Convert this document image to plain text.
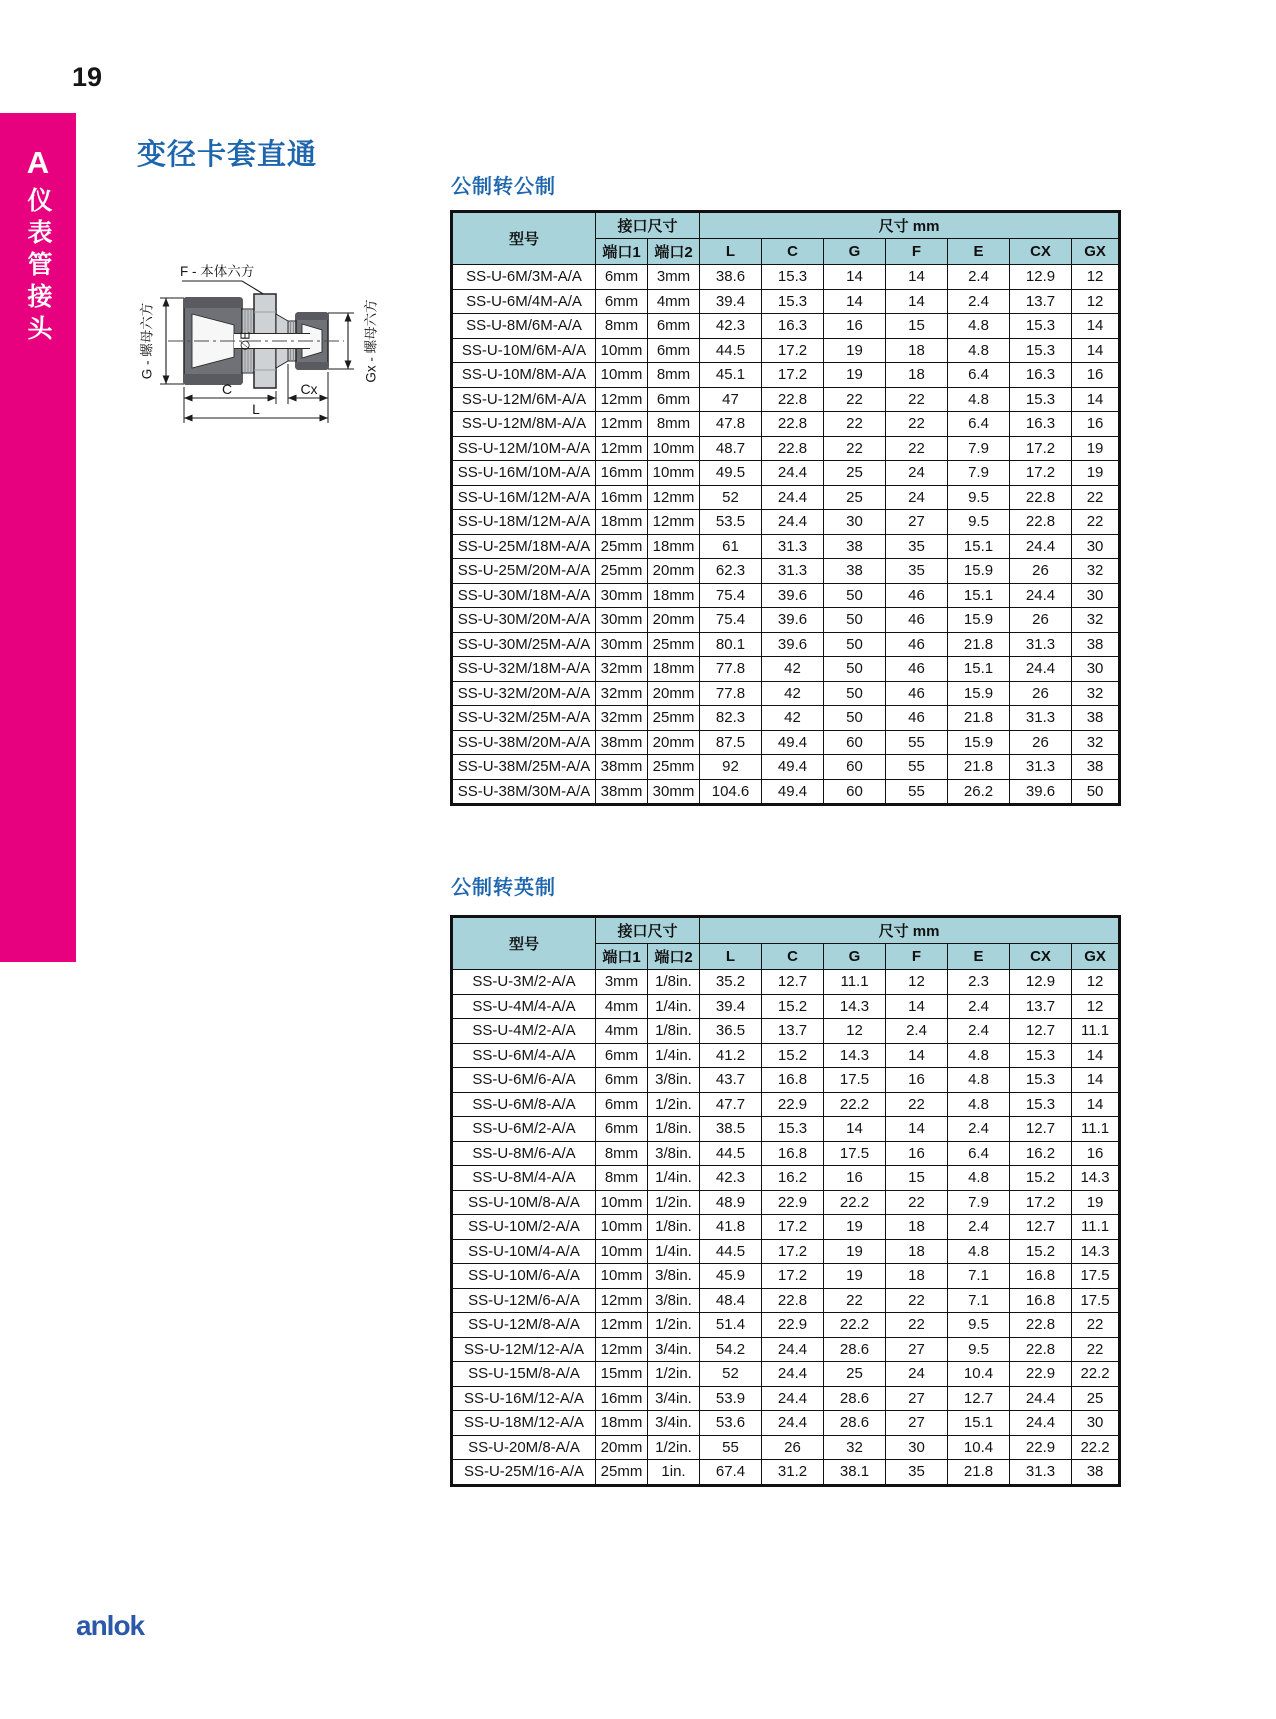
19
A
仪表管接头
变径卡套直通
F - 本体六方
∅E
G - 螺母六方	Gx - 螺母六方
C	Cx
L
公制转公制
型号	接口尺寸		尺寸 mm						
	端口1	端口2	L	C	G	F	E	CX	GX
SS-U-6M/3M-A/A	6mm	3mm	38.6	15.3	14	14	2.4	12.9	12
SS-U-6M/4M-A/A	6mm	4mm	39.4	15.3	14	14	2.4	13.7	12
SS-U-8M/6M-A/A	8mm	6mm	42.3	16.3	16	15	4.8	15.3	14
SS-U-10M/6M-A/A	10mm	6mm	44.5	17.2	19	18	4.8	15.3	14
SS-U-10M/8M-A/A	10mm	8mm	45.1	17.2	19	18	6.4	16.3	16
SS-U-12M/6M-A/A	12mm	6mm	47	22.8	22	22	4.8	15.3	14
SS-U-12M/8M-A/A	12mm	8mm	47.8	22.8	22	22	6.4	16.3	16
SS-U-12M/10M-A/A	12mm	10mm	48.7	22.8	22	22	7.9	17.2	19
SS-U-16M/10M-A/A	16mm	10mm	49.5	24.4	25	24	7.9	17.2	19
SS-U-16M/12M-A/A	16mm	12mm	52	24.4	25	24	9.5	22.8	22
SS-U-18M/12M-A/A	18mm	12mm	53.5	24.4	30	27	9.5	22.8	22
SS-U-25M/18M-A/A	25mm	18mm	61	31.3	38	35	15.1	24.4	30
SS-U-25M/20M-A/A	25mm	20mm	62.3	31.3	38	35	15.9	26	32
SS-U-30M/18M-A/A	30mm	18mm	75.4	39.6	50	46	15.1	24.4	30
SS-U-30M/20M-A/A	30mm	20mm	75.4	39.6	50	46	15.9	26	32
SS-U-30M/25M-A/A	30mm	25mm	80.1	39.6	50	46	21.8	31.3	38
SS-U-32M/18M-A/A	32mm	18mm	77.8	42	50	46	15.1	24.4	30
SS-U-32M/20M-A/A	32mm	20mm	77.8	42	50	46	15.9	26	32
SS-U-32M/25M-A/A	32mm	25mm	82.3	42	50	46	21.8	31.3	38
SS-U-38M/20M-A/A	38mm	20mm	87.5	49.4	60	55	15.9	26	32
SS-U-38M/25M-A/A	38mm	25mm	92	49.4	60	55	21.8	31.3	38
SS-U-38M/30M-A/A	38mm	30mm	104.6	49.4	60	55	26.2	39.6	50
公制转英制
型号	接口尺寸		尺寸 mm						
	端口1	端口2	L	C	G	F	E	CX	GX
SS-U-3M/2-A/A	3mm	1/8in.	35.2	12.7	11.1	12	2.3	12.9	12
SS-U-4M/4-A/A	4mm	1/4in.	39.4	15.2	14.3	14	2.4	13.7	12
SS-U-4M/2-A/A	4mm	1/8in.	36.5	13.7	12	2.4	2.4	12.7	11.1
SS-U-6M/4-A/A	6mm	1/4in.	41.2	15.2	14.3	14	4.8	15.3	14
SS-U-6M/6-A/A	6mm	3/8in.	43.7	16.8	17.5	16	4.8	15.3	14
SS-U-6M/8-A/A	6mm	1/2in.	47.7	22.9	22.2	22	4.8	15.3	14
SS-U-6M/2-A/A	6mm	1/8in.	38.5	15.3	14	14	2.4	12.7	11.1
SS-U-8M/6-A/A	8mm	3/8in.	44.5	16.8	17.5	16	6.4	16.2	16
SS-U-8M/4-A/A	8mm	1/4in.	42.3	16.2	16	15	4.8	15.2	14.3
SS-U-10M/8-A/A	10mm	1/2in.	48.9	22.9	22.2	22	7.9	17.2	19
SS-U-10M/2-A/A	10mm	1/8in.	41.8	17.2	19	18	2.4	12.7	11.1
SS-U-10M/4-A/A	10mm	1/4in.	44.5	17.2	19	18	4.8	15.2	14.3
SS-U-10M/6-A/A	10mm	3/8in.	45.9	17.2	19	18	7.1	16.8	17.5
SS-U-12M/6-A/A	12mm	3/8in.	48.4	22.8	22	22	7.1	16.8	17.5
SS-U-12M/8-A/A	12mm	1/2in.	51.4	22.9	22.2	22	9.5	22.8	22
SS-U-12M/12-A/A	12mm	3/4in.	54.2	24.4	28.6	27	9.5	22.8	22
SS-U-15M/8-A/A	15mm	1/2in.	52	24.4	25	24	10.4	22.9	22.2
SS-U-16M/12-A/A	16mm	3/4in.	53.9	24.4	28.6	27	12.7	24.4	25
SS-U-18M/12-A/A	18mm	3/4in.	53.6	24.4	28.6	27	15.1	24.4	30
SS-U-20M/8-A/A	20mm	1/2in.	55	26	32	30	10.4	22.9	22.2
SS-U-25M/16-A/A	25mm	1in.	67.4	31.2	38.1	35	21.8	31.3	38
anlok
